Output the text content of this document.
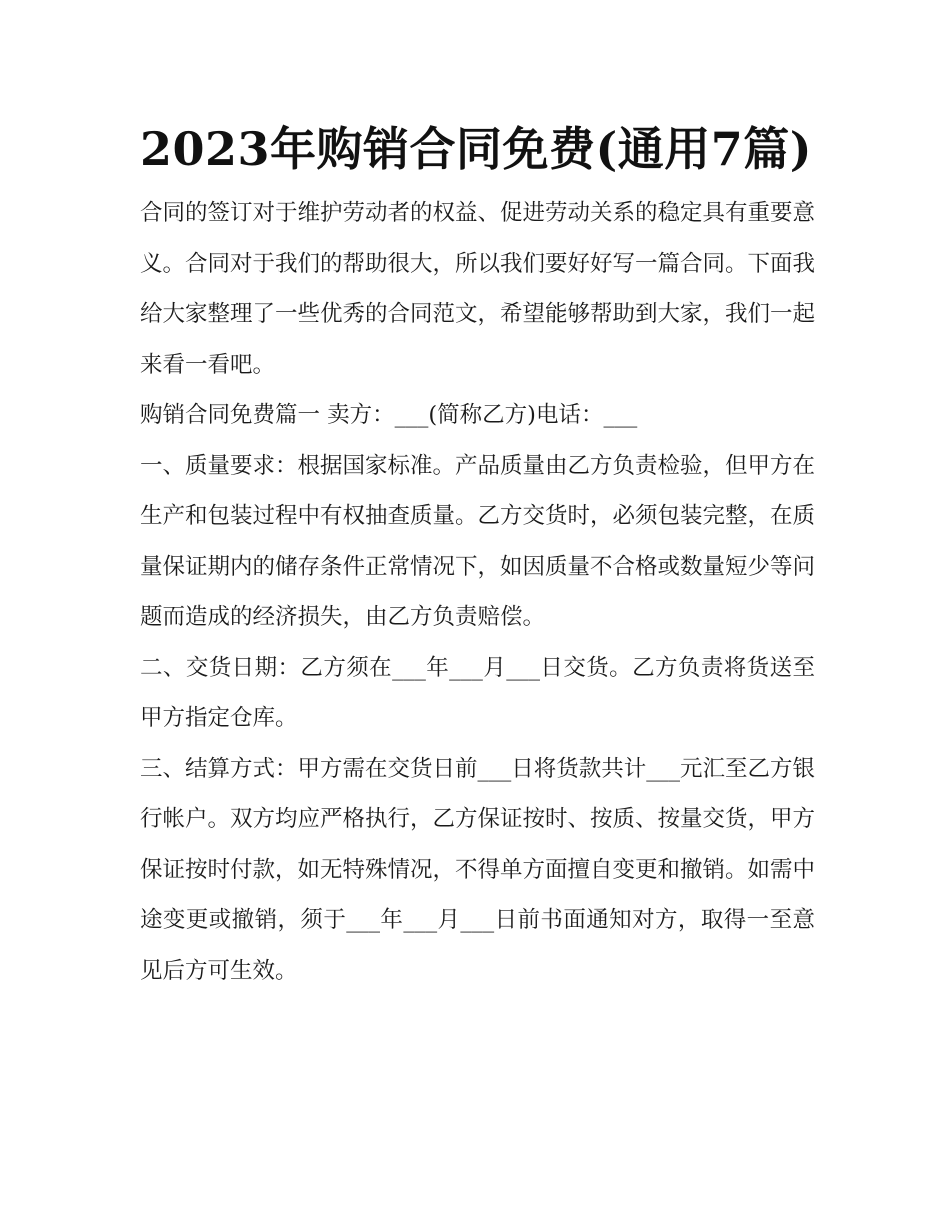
2023年购销合同免费(通用7篇)

合同的签订对于维护劳动者的权益、促进劳动关系的稳定具有重要意义。合同对于我们的帮助很大，所以我们要好好写一篇合同。下面我给大家整理了一些优秀的合同范文，希望能够帮助到大家，我们一起来看一看吧。

购销合同免费篇一 卖方：___(简称乙方)电话：___

一、质量要求：根据国家标准。产品质量由乙方负责检验，但甲方在生产和包装过程中有权抽查质量。乙方交货时，必须包装完整，在质量保证期内的储存条件正常情况下，如因质量不合格或数量短少等问题而造成的经济损失，由乙方负责赔偿。

二、交货日期：乙方须在___年___月___日交货。乙方负责将货送至甲方指定仓库。

三、结算方式：甲方需在交货日前___日将货款共计___元汇至乙方银行帐户。双方均应严格执行，乙方保证按时、按质、按量交货，甲方保证按时付款，如无特殊情况，不得单方面擅自变更和撤销。如需中途变更或撤销，须于___年___月___日前书面通知对方，取得一至意见后方可生效。
